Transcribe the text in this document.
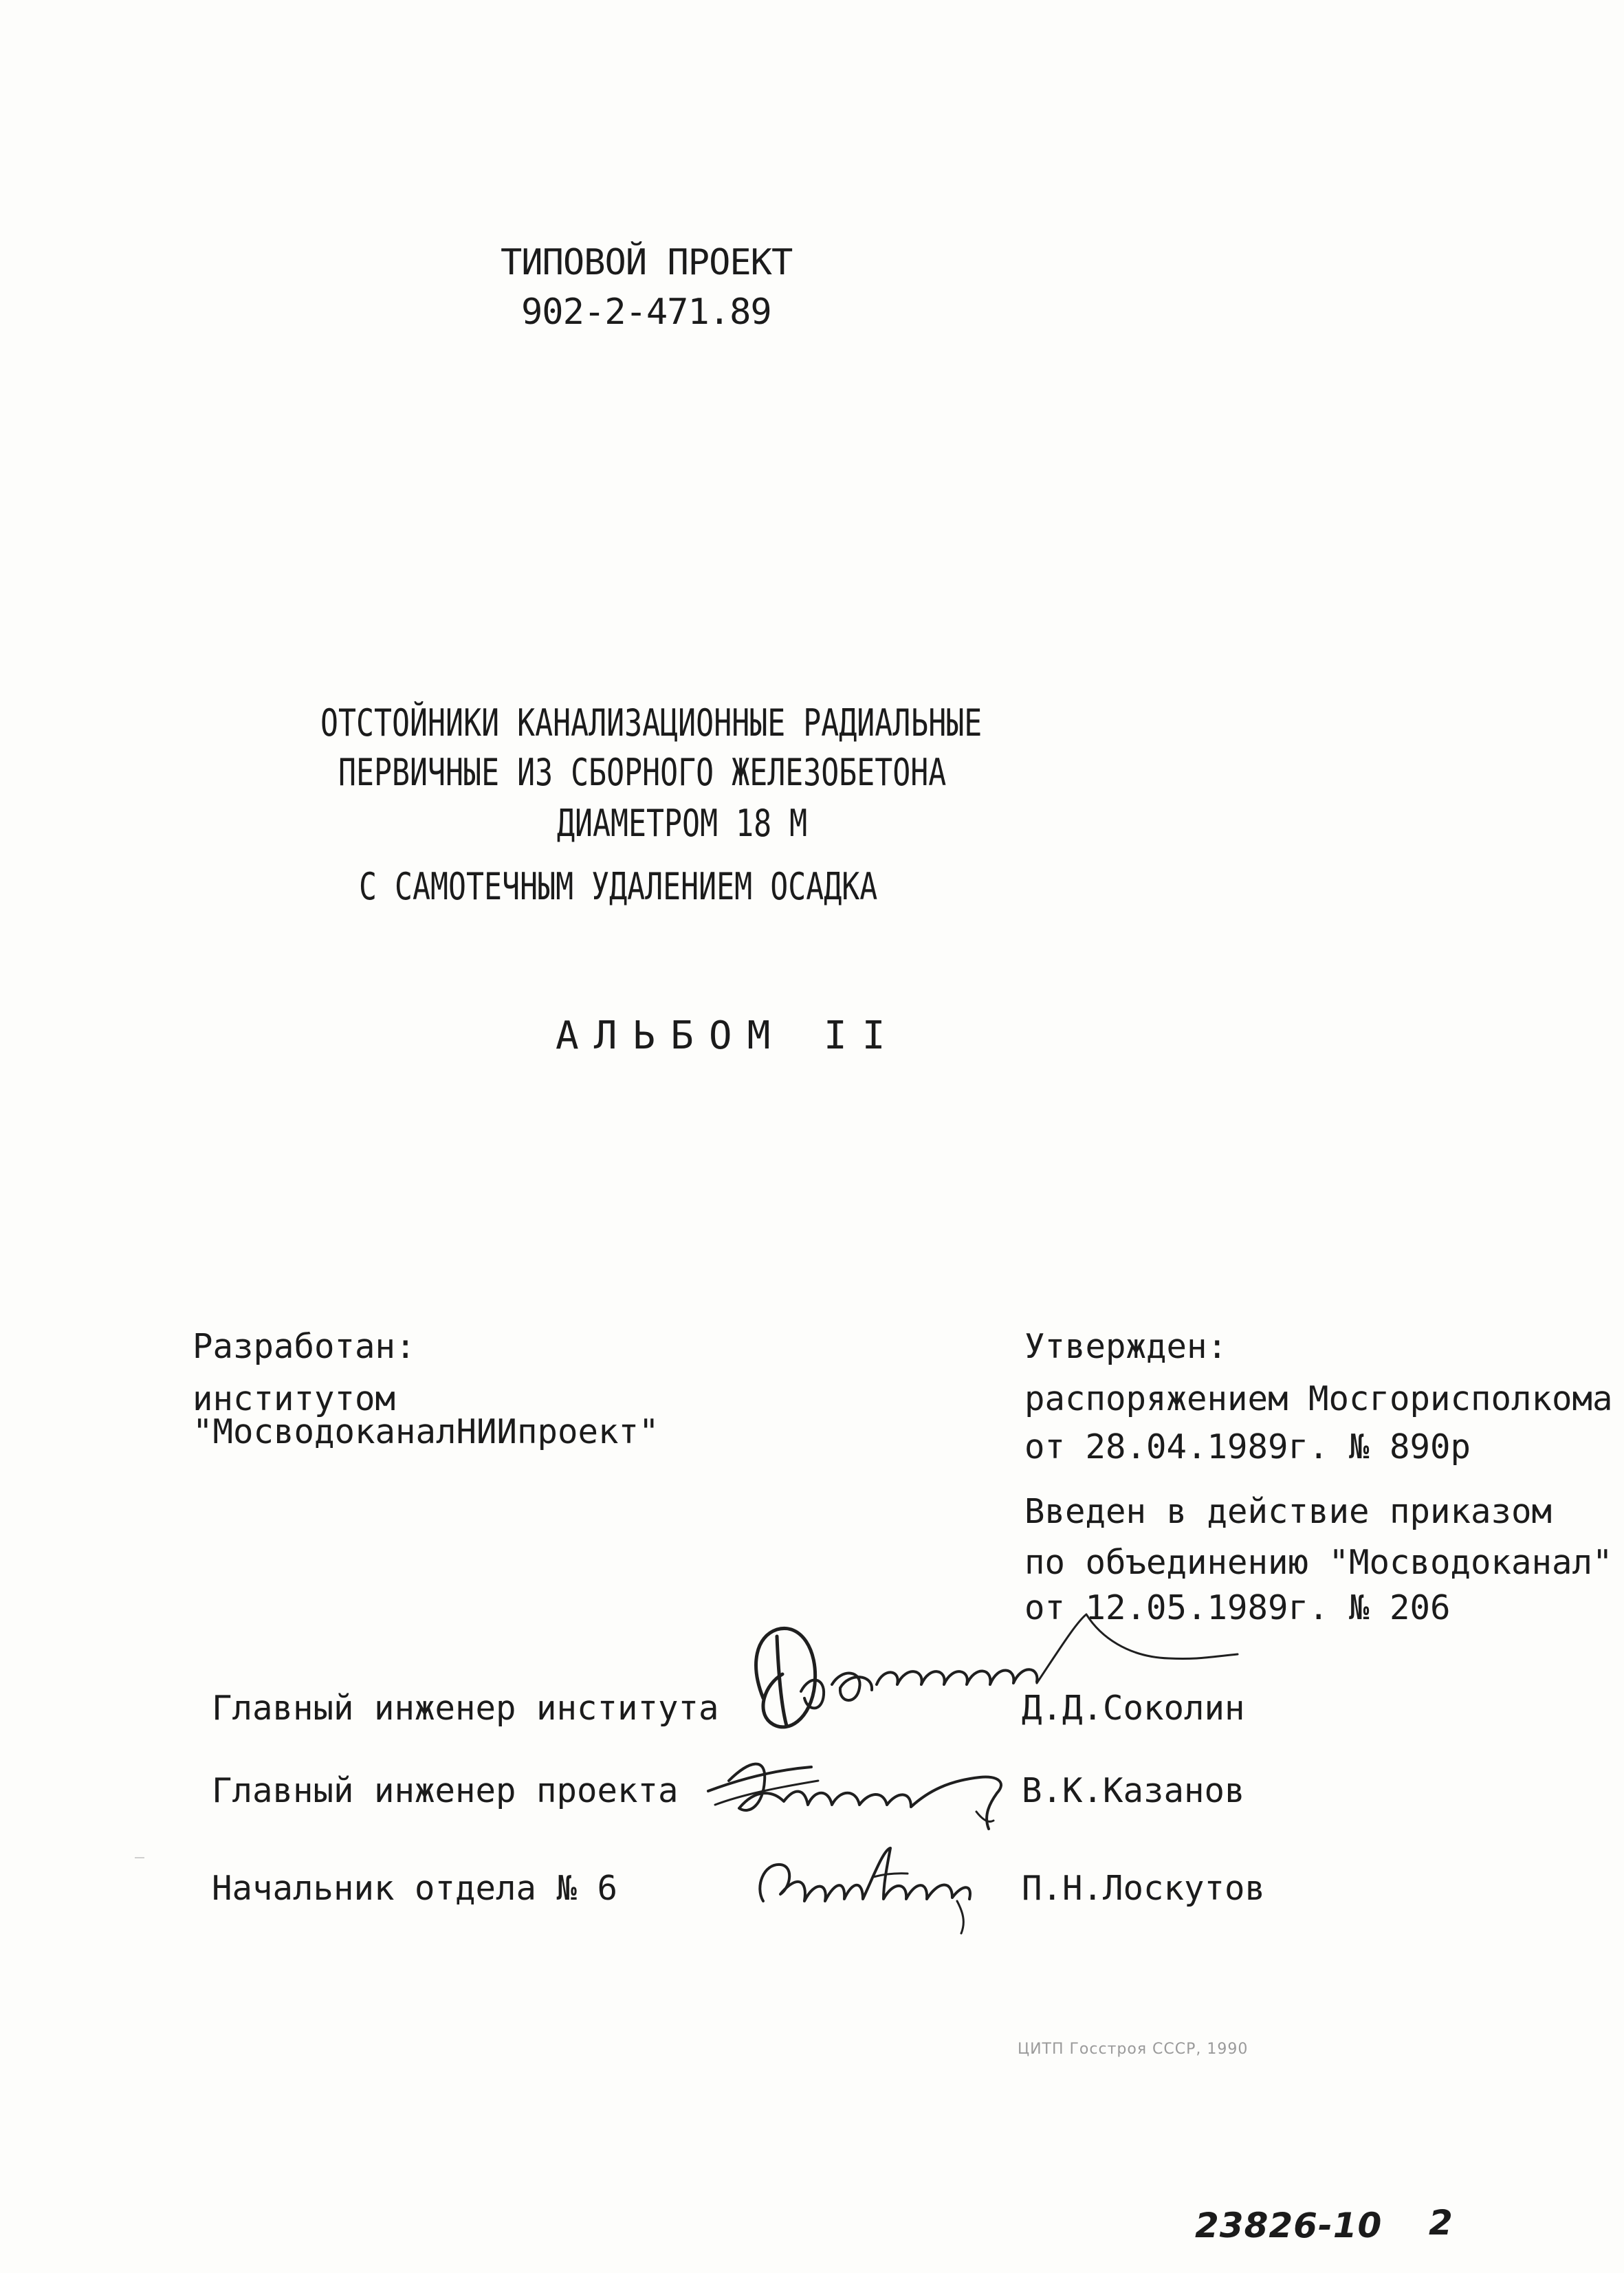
ТИПОВОЙ ПРОЕКТ
902-2-471.89
ОТСТОЙНИКИ КАНАЛИЗАЦИОННЫЕ РАДИАЛЬНЫЕ
ПЕРВИЧНЫЕ ИЗ СБОРНОГО ЖЕЛЕЗОБЕТОНА
ДИАМЕТРОМ 18 М
С САМОТЕЧНЫМ УДАЛЕНИЕМ ОСАДКА
АЛЬБОМ II
Разработан:
институтом
"МосводоканалНИИпроект"
Утвержден:
распоряжением Мосгорисполкома
от 28.04.1989г. № 890р
Введен в действие приказом
по объединению "Мосводоканал"
от 12.05.1989г. № 206
Главный инженер института	Д.Д.Соколин
Главный инженер проекта	В.К.Казанов
Начальник отдела № 6	П.Н.Лоскутов
ЦИТП Госстроя СССР, 1990
23826-10 2
